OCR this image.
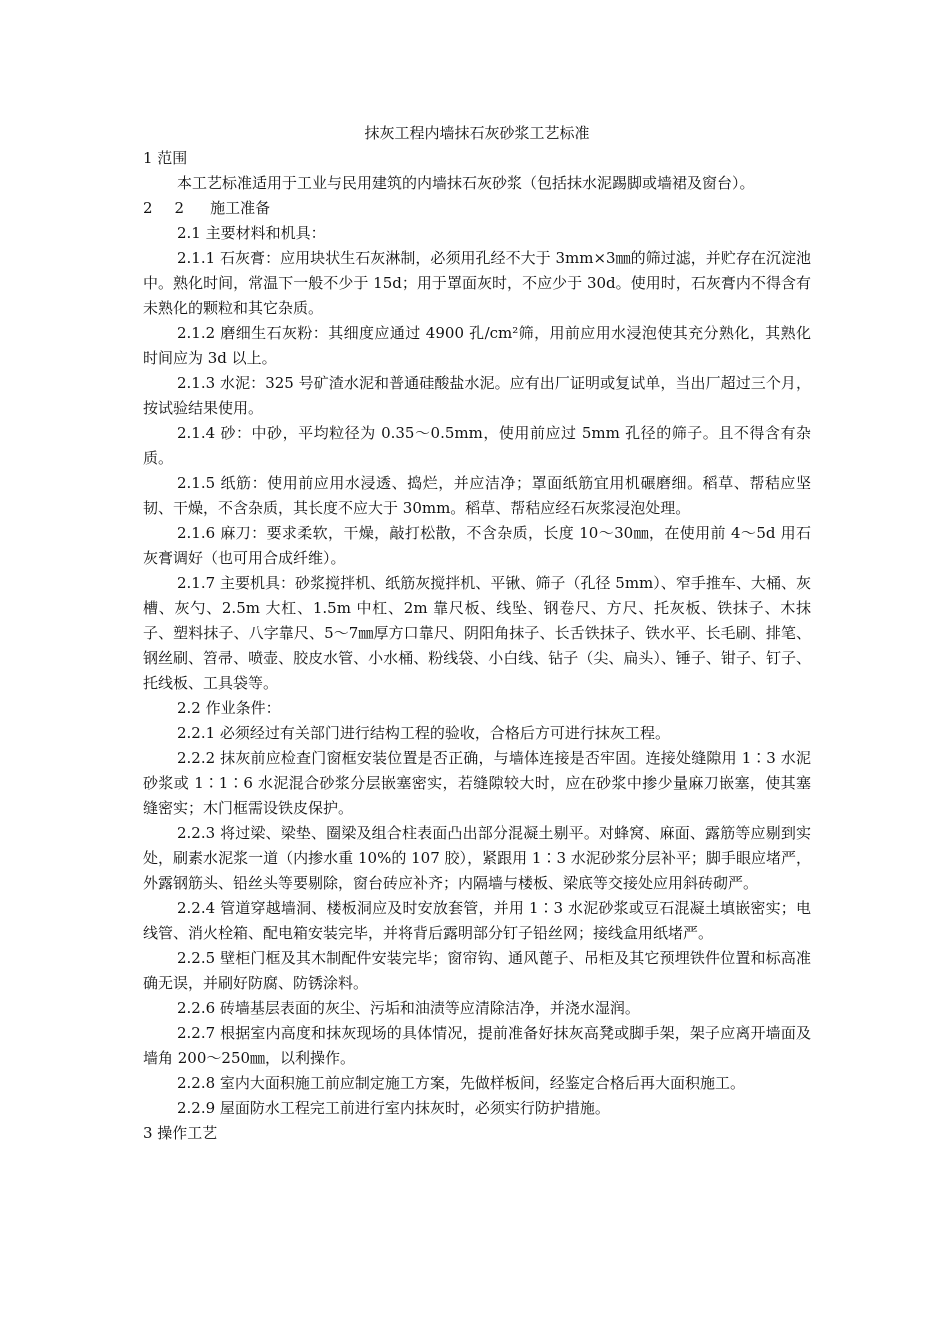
抹灰工程内墙抹石灰砂浆工艺标准

1 范围

本工艺标准适用于工业与民用建筑的内墙抹石灰砂浆（包括抹水泥踢脚或墙裙及窗台）。

2 2 施工准备

2.1 主要材料和机具：

2.1.1 石灰膏：应用块状生石灰淋制，必须用孔经不大于 3mm×3㎜的筛过滤，并贮存在沉淀池中。熟化时间，常温下一般不少于 15d；用于罩面灰时，不应少于 30d。使用时，石灰膏内不得含有未熟化的颗粒和其它杂质。

2.1.2 磨细生石灰粉：其细度应通过 4900 孔/cm²筛，用前应用水浸泡使其充分熟化，其熟化时间应为 3d 以上。

2.1.3 水泥：325 号矿渣水泥和普通硅酸盐水泥。应有出厂证明或复试单，当出厂超过三个月，按试验结果使用。

2.1.4 砂：中砂，平均粒径为 0.35～0.5mm，使用前应过 5mm 孔径的筛子。且不得含有杂质。

2.1.5 纸筋：使用前应用水浸透、捣烂，并应洁净；罩面纸筋宜用机碾磨细。稻草、帮秸应坚韧、干燥，不含杂质，其长度不应大于 30mm。稻草、帮秸应经石灰浆浸泡处理。

2.1.6 麻刀：要求柔软，干燥，敲打松散，不含杂质，长度 10～30㎜，在使用前 4～5d 用石灰膏调好（也可用合成纤维）。

2.1.7 主要机具：砂浆搅拌机、纸筋灰搅拌机、平锹、筛子（孔径 5mm）、窄手推车、大桶、灰槽、灰勺、2.5m 大杠、1.5m 中杠、2m 靠尺板、线坠、钢卷尺、方尺、托灰板、铁抹子、木抹子、塑料抹子、八字靠尺、5～7㎜厚方口靠尺、阴阳角抹子、长舌铁抹子、铁水平、长毛刷、排笔、钢丝刷、笤帚、喷壶、胶皮水管、小水桶、粉线袋、小白线、钻子（尖、扁头）、锤子、钳子、钉子、托线板、工具袋等。

2.2 作业条件：

2.2.1 必须经过有关部门进行结构工程的验收，合格后方可进行抹灰工程。

2.2.2 抹灰前应检查门窗框安装位置是否正确，与墙体连接是否牢固。连接处缝隙用 1∶3 水泥砂浆或 1∶1∶6 水泥混合砂浆分层嵌塞密实，若缝隙较大时，应在砂浆中掺少量麻刀嵌塞，使其塞缝密实；木门框需设铁皮保护。

2.2.3 将过梁、梁垫、圈梁及组合柱表面凸出部分混凝土剔平。对蜂窝、麻面、露筋等应剔到实处，刷素水泥浆一道（内掺水重 10%的 107 胶），紧跟用 1∶3 水泥砂浆分层补平；脚手眼应堵严，外露钢筋头、铅丝头等要剔除，窗台砖应补齐；内隔墙与楼板、梁底等交接处应用斜砖砌严。

2.2.4 管道穿越墙洞、楼板洞应及时安放套管，并用 1∶3 水泥砂浆或豆石混凝土填嵌密实；电线管、消火栓箱、配电箱安装完毕，并将背后露明部分钉子铅丝网；接线盒用纸堵严。

2.2.5 壁柜门框及其木制配件安装完毕；窗帘钩、通风蓖子、吊柜及其它预埋铁件位置和标高准确无误，并刷好防腐、防锈涂料。

2.2.6 砖墙基层表面的灰尘、污垢和油渍等应清除洁净，并浇水湿润。

2.2.7 根据室内高度和抹灰现场的具体情况，提前准备好抹灰高凳或脚手架，架子应离开墙面及墙角 200～250㎜，以利操作。

2.2.8 室内大面积施工前应制定施工方案，先做样板间，经鉴定合格后再大面积施工。

2.2.9 屋面防水工程完工前进行室内抹灰时，必须实行防护措施。

3 操作工艺
